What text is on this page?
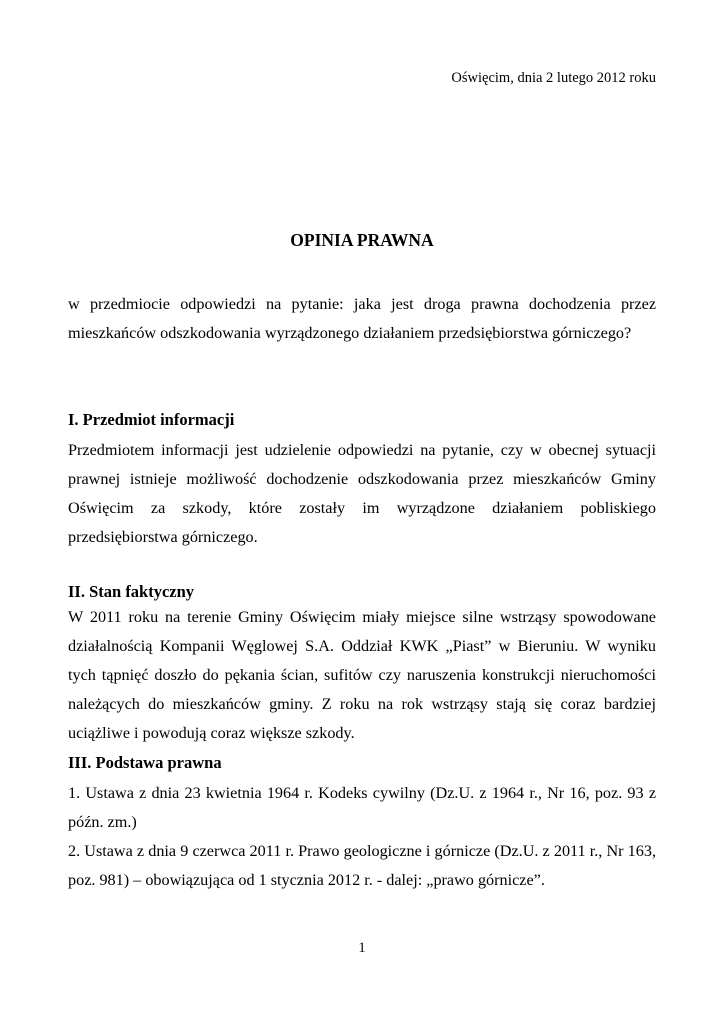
Oświęcim, dnia 2 lutego 2012 roku
OPINIA PRAWNA

w przedmiocie odpowiedzi na pytanie: jaka jest droga prawna dochodzenia przez mieszkańców odszkodowania wyrządzonego działaniem przedsiębiorstwa górniczego?

I. Przedmiot informacji

Przedmiotem informacji jest udzielenie odpowiedzi na pytanie, czy w obecnej sytuacji prawnej istnieje możliwość dochodzenie odszkodowania przez mieszkańców Gminy Oświęcim za szkody, które zostały im wyrządzone działaniem pobliskiego przedsiębiorstwa górniczego.

II. Stan faktyczny

W 2011 roku na terenie Gminy Oświęcim miały miejsce silne wstrząsy spowodowane działalnością Kompanii Węglowej S.A. Oddział KWK „Piast” w Bieruniu. W wyniku tych tąpnięć doszło do pękania ścian, sufitów czy naruszenia konstrukcji nieruchomości należących do mieszkańców gminy. Z roku na rok wstrząsy stają się coraz bardziej uciążliwe i powodują coraz większe szkody.

III. Podstawa prawna

1. Ustawa z dnia 23 kwietnia 1964 r. Kodeks cywilny (Dz.U. z 1964 r., Nr 16, poz. 93 z późn. zm.)

2. Ustawa z dnia 9 czerwca 2011 r. Prawo geologiczne i górnicze (Dz.U. z 2011 r., Nr 163, poz. 981) – obowiązująca od 1 stycznia 2012 r. - dalej: „prawo górnicze”.

1
